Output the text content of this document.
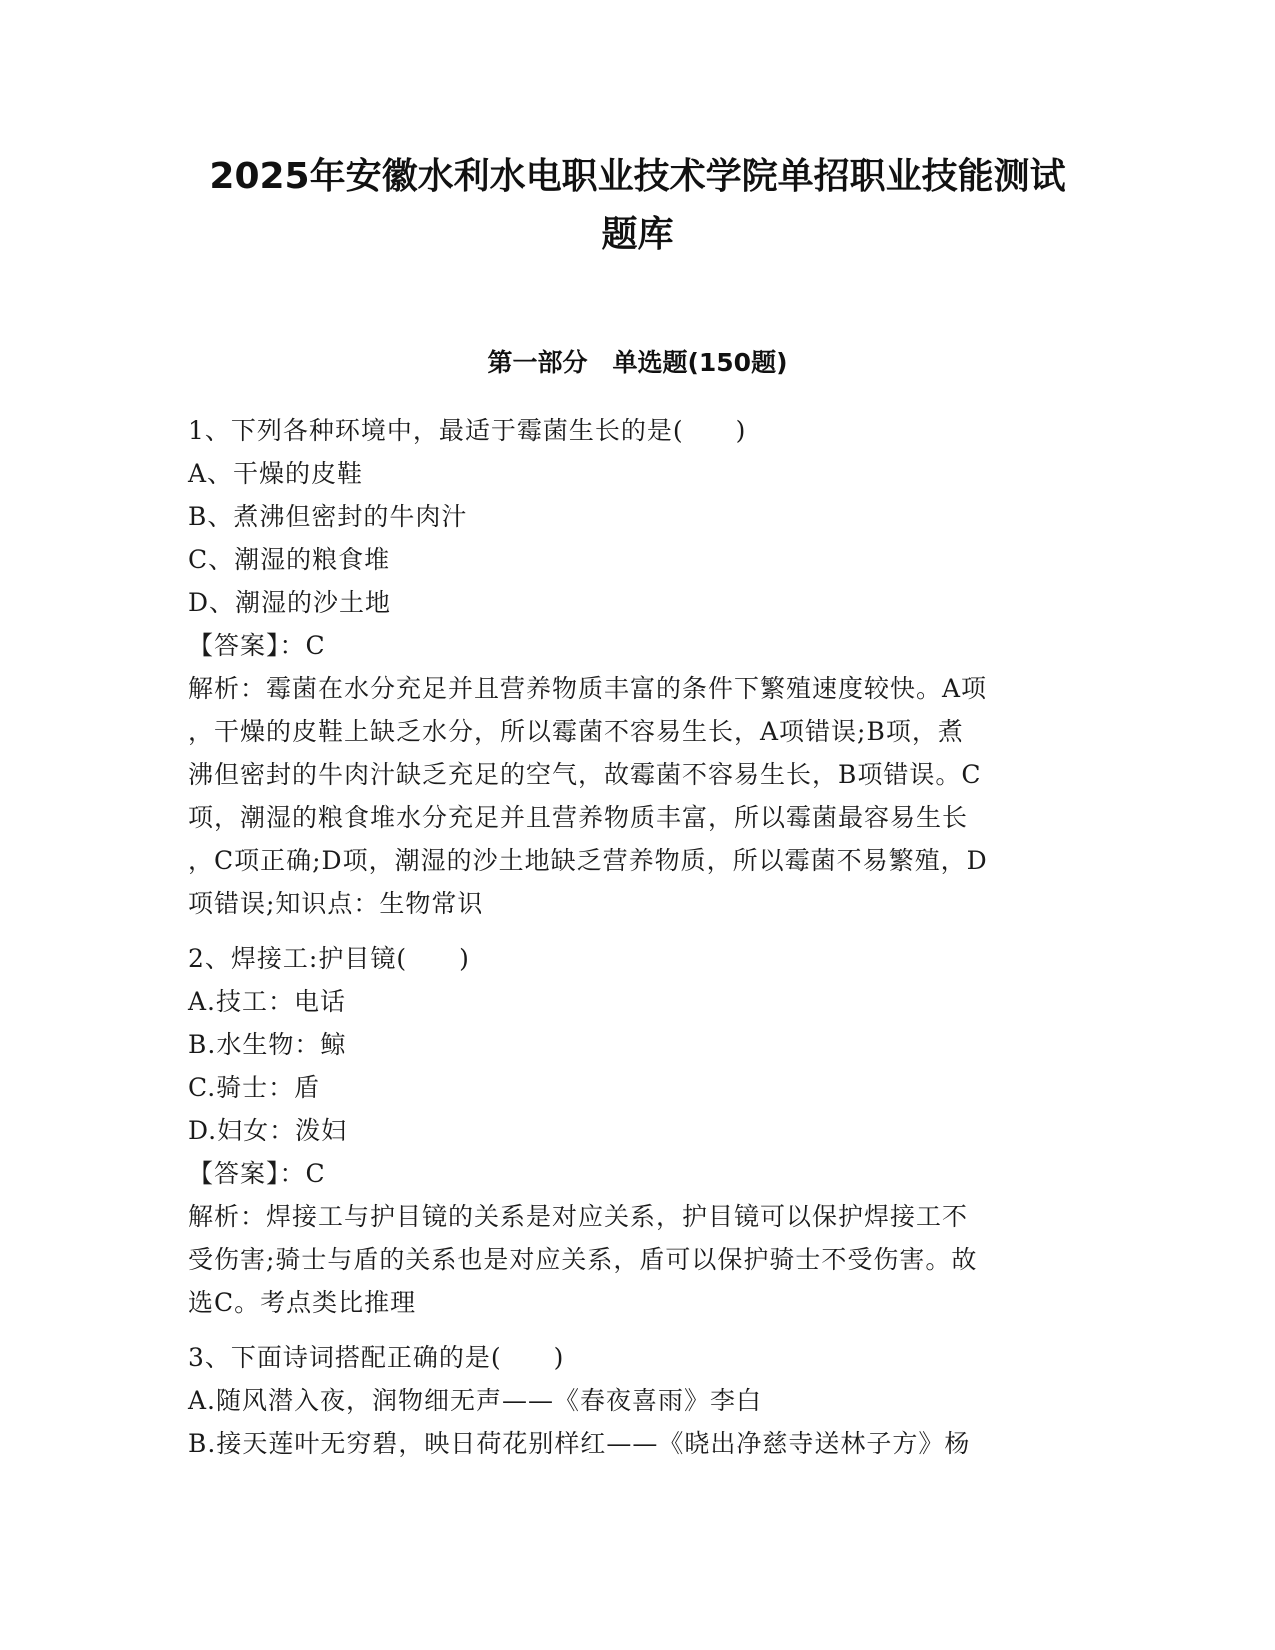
2025年安徽水利水电职业技术学院单招职业技能测试
题库
第一部分　单选题(150题)
1、下列各种环境中，最适于霉菌生长的是(　　)
A、干燥的皮鞋
B、煮沸但密封的牛肉汁
C、潮湿的粮食堆
D、潮湿的沙土地
【答案】：C
解析：霉菌在水分充足并且营养物质丰富的条件下繁殖速度较快。A项
，干燥的皮鞋上缺乏水分，所以霉菌不容易生长，A项错误;B项，煮
沸但密封的牛肉汁缺乏充足的空气，故霉菌不容易生长，B项错误。C
项，潮湿的粮食堆水分充足并且营养物质丰富，所以霉菌最容易生长
，C项正确;D项，潮湿的沙土地缺乏营养物质，所以霉菌不易繁殖，D
项错误;知识点：生物常识
2、焊接工:护目镜(　　)
A.技工：电话
B.水生物：鲸
C.骑士：盾
D.妇女：泼妇
【答案】：C
解析：焊接工与护目镜的关系是对应关系，护目镜可以保护焊接工不
受伤害;骑士与盾的关系也是对应关系，盾可以保护骑士不受伤害。故
选C。考点类比推理
3、下面诗词搭配正确的是(　　)
A.随风潜入夜，润物细无声——《春夜喜雨》李白
B.接天莲叶无穷碧，映日荷花别样红——《晓出净慈寺送林子方》杨
